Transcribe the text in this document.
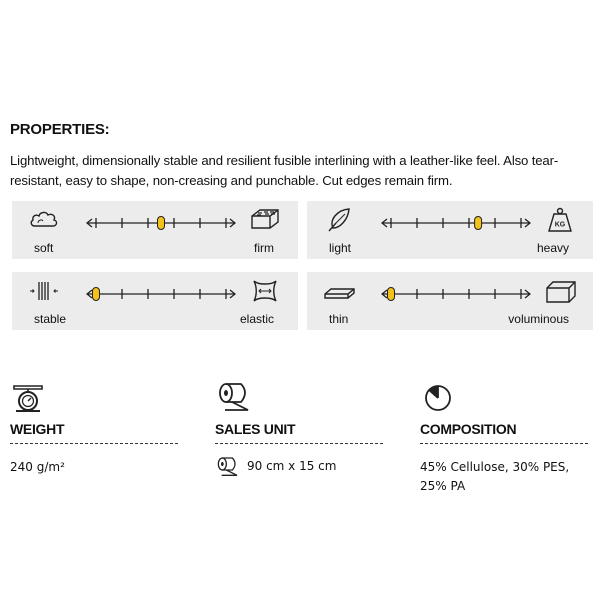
PROPERTIES:
Lightweight, dimensionally stable and resilient fusible interlining with a leather-like feel. Also tear-resistant, easy to shape, non-creasing and punchable. Cut edges remain firm.
soft	firm
KG
light	heavy
stable	elastic	thin	voluminous
WEIGHT
240 g/m²
SALES UNIT
90 cm x 15 cm
COMPOSITION
45% Cellulose, 30% PES,
25% PA
